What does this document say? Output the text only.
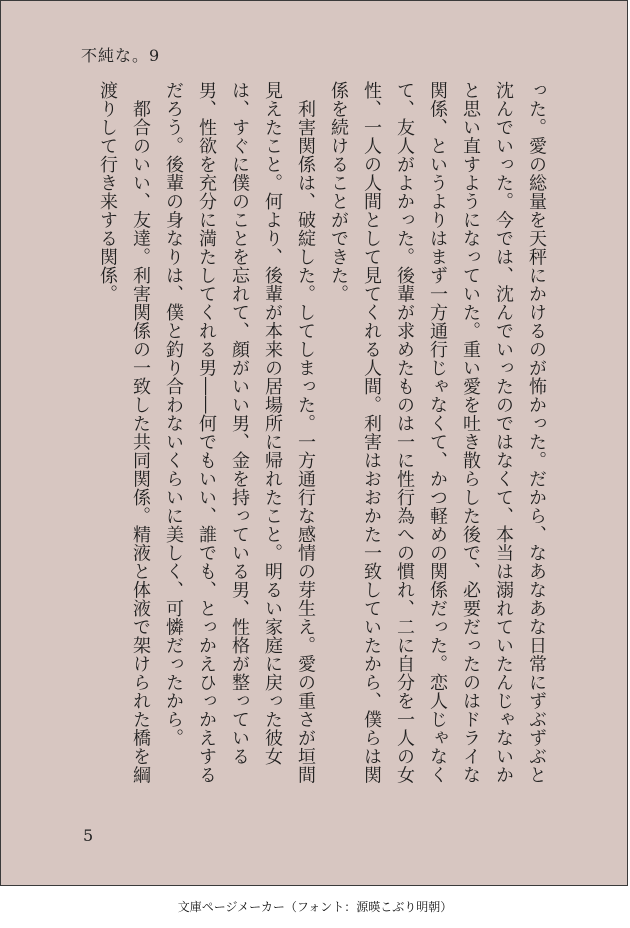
不純な。9
った。愛の総量を天秤にかけるのが怖かった。だから、なあなあな日常にずぶずぶと沈んでいった。今では、沈んでいったのではなくて、本当は溺れていたんじゃないかと思い直すようになっていた。重い愛を吐き散らした後で、必要だったのはドライな関係、というよりはまず一方通行じゃなくて、かつ軽めの関係だった。恋人じゃなくて、友人がよかった。後輩が求めたものは一に性行為への慣れ、二に自分を一人の女性、一人の人間として見てくれる人間。利害はおおかた一致していたから、僕らは関係を続けることができた。
　利害関係は、破綻した。してしまった。一方通行な感情の芽生え。愛の重さが垣間見えたこと。何より、後輩が本来の居場所に帰れたこと。明るい家庭に戻った彼女は、すぐに僕のことを忘れて、顔がいい男、金を持っている男、性格が整っている男、性欲を充分に満たしてくれる男――何でもいい、誰でも、とっかえひっかえするだろう。後輩の身なりは、僕と釣り合わないくらいに美しく、可憐だったから。
　都合のいい、友達。利害関係の一致した共同関係。精液と体液で架けられた橋を綱渡りして行き来する関係。
5
文庫ページメーカー（フォント：源暎こぶり明朝）
